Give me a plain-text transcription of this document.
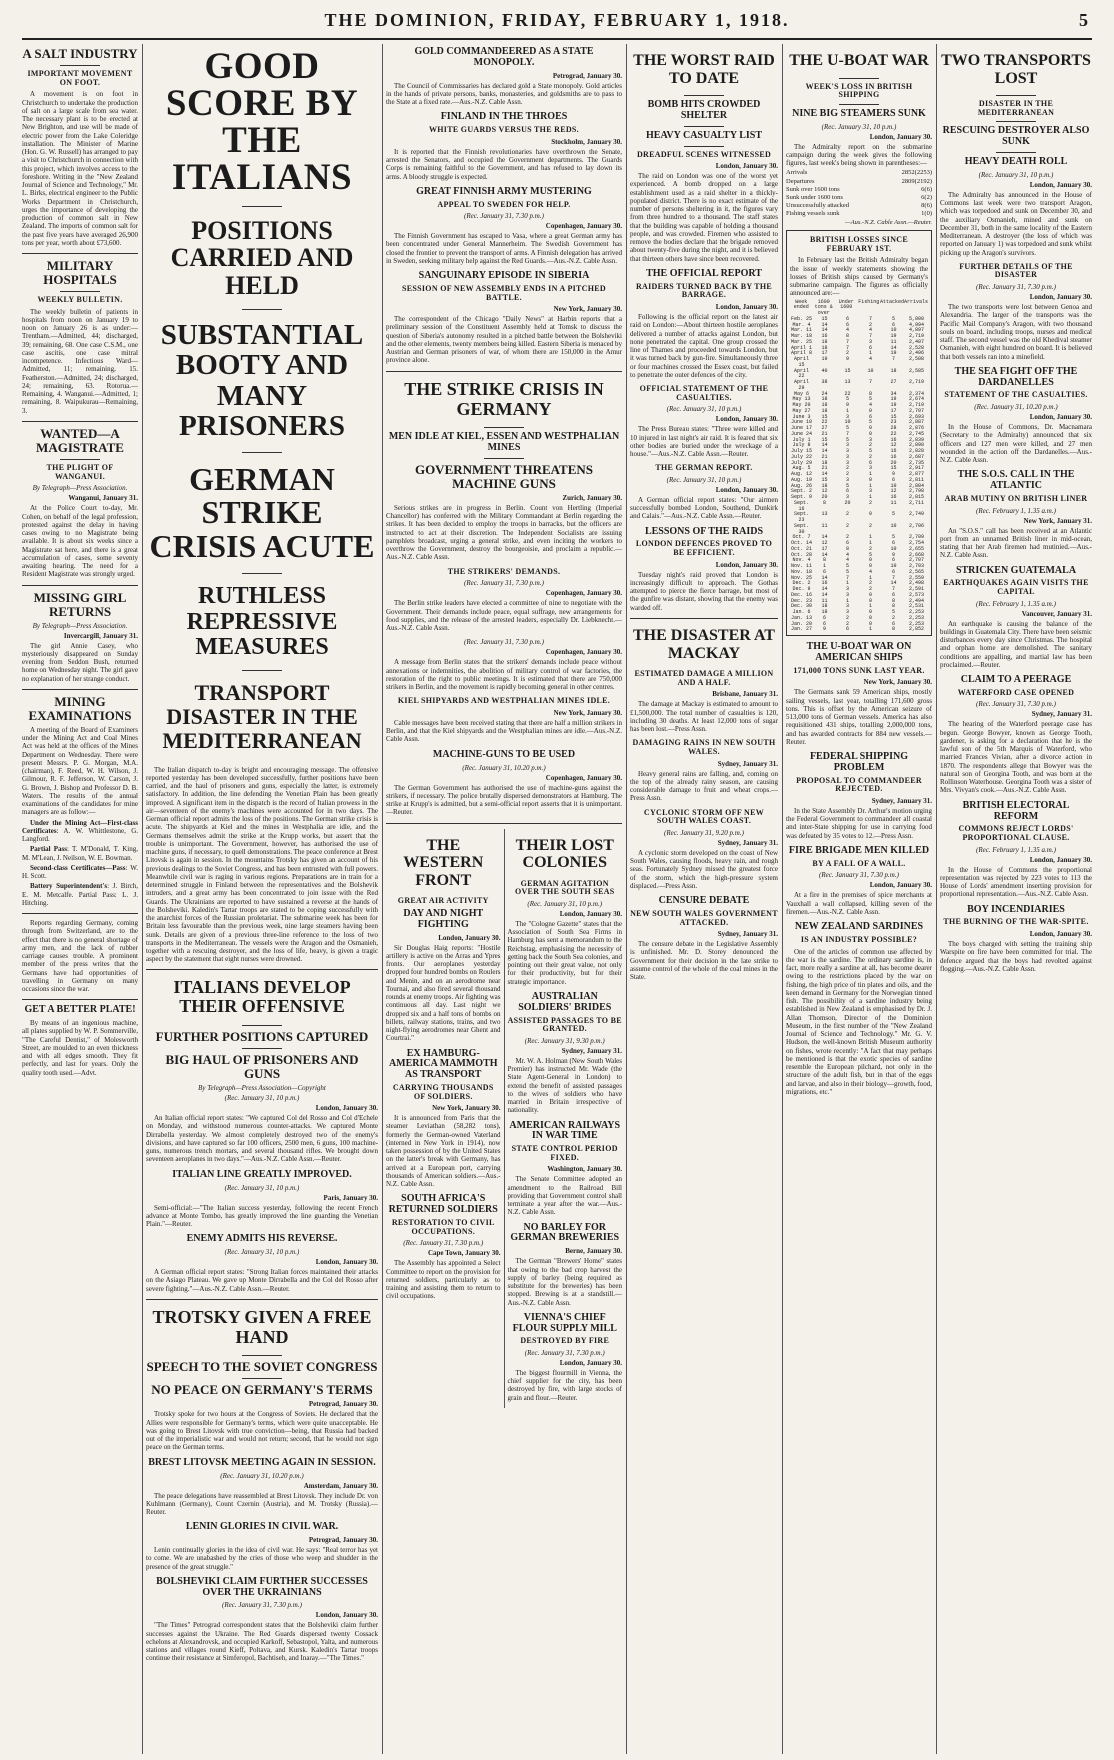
THE DOMINION, FRIDAY, FEBRUARY 1, 1918.	5
A SALT INDUSTRY
IMPORTANT MOVEMENT ON FOOT.

A movement is on foot in Christchurch to undertake the production of salt on a large scale from sea water. The necessary plant is to be erected at New Brighton, and use will be made of electric power from the Lake Coleridge installation. The Minister of Marine (Hon. G. W. Russell) has arranged to pay a visit to Christchurch in connection with this project, which involves access to the foreshore. Writing in the "New Zealand Journal of Science and Technology," Mr. L. Birks, electrical engineer to the Public Works Department in Christchurch, urges the importance of developing the production of common salt in New Zealand. The imports of common salt for the past five years have averaged 26,900 tons per year, worth about £73,600.

MILITARY HOSPITALS
WEEKLY BULLETIN.

The weekly bulletin of patients in hospitals from noon on January 19 to noon on January 26 is as under:— Trentham.—Admitted, 44; discharged, 39; remaining, 68. One case C.S.M., one case ascitis, one case mitral incompetence. Infectious Ward—Admitted, 11; remaining, 15. Featherston.—Admitted, 24; discharged, 24; remaining, 63. Rotorua.—Remaining, 4. Wanganui.—Admitted, 1; remaining, 8. Waipukurau—Remaining, 3.

WANTED—A MAGISTRATE
THE PLIGHT OF WANGANUI.
By Telegraph—Press Association.
Wanganui, January 31.

At the Police Court to-day, Mr. Cohen, on behalf of the legal profession, protested against the delay in having cases owing to no Magistrate being available. It is about six weeks since a Magistrate sat here, and there is a great accumulation of cases, some seventy awaiting hearing. The need for a Resident Magistrate was strongly urged.

MISSING GIRL RETURNS
By Telegraph—Press Association.
Invercargill, January 31.

The girl Annie Casey, who mysteriously disappeared on Sunday evening from Seddon Bush, returned home on Wednesday night. The girl gave no explanation of her strange conduct.

MINING EXAMINATIONS

A meeting of the Board of Examiners under the Mining Act and Coal Mines Act was held at the offices of the Mines Department on Wednesday. There were present Messrs. P. G. Morgan, M.A. (chairman), F. Reed, W. H. Wilson, J. Gilmour, R. F. Jefferson, W. Carson, J. G. Brown, J. Bishop and Professor D. B. Waters. The results of the annual examinations of the candidates for mine managers are as follow:—

Under the Mining Act—First-class Certificates: A. W. Whittlestone, G. Langford.

Partial Pass: T. M'Donald, T. King, M. M'Lean, J. Neilson, W. E. Bowman.

Second-class Certificates—Pass: W. H. Scott.

Battery Superintendent's: J. Birch, E. M. Metcalfe. Partial Pass: L. J. Hitching.

Reports regarding Germany, coming through from Switzerland, are to the effect that there is no general shortage of army men, and the lack of rubber carriage causes trouble. A prominent member of the press writes that the Germans have had opportunities of travelling in Germany on many occasions since the war.

GET A BETTER PLATE!

By means of an ingenious machine, all plates supplied by W. P. Sommerville, "The Careful Dentist," of Molesworth Street, are moulded to an even thickness and with all edges smooth. They fit perfectly, and last for years. Only the quality tooth used.—Advt.

GOOD SCORE BY THE ITALIANS
POSITIONS CARRIED AND HELD
SUBSTANTIAL BOOTY AND MANY PRISONERS
GERMAN STRIKE CRISIS ACUTE
RUTHLESS REPRESSIVE MEASURES
TRANSPORT DISASTER IN THE MEDITERRANEAN

The Italian dispatch to-day is bright and encouraging message. The offensive reported yesterday has been developed successfully, further positions have been carried, and the haul of prisoners and guns, especially the latter, is extremely satisfactory. In addition, the line defending the Venetian Plain has been greatly improved. A significant item in the dispatch is the record of Italian prowess in the air—seventeen of the enemy's machines were accounted for in two days. The German official report admits the loss of the positions. The German strike crisis is acute. The shipyards at Kiel and the mines in Westphalia are idle, and the Germans themselves admit the strike at the Krupp works, but assert that the trouble is unimportant. The Government, however, has authorised the use of machine guns, if necessary, to quell demonstrations. The peace conference at Brest Litovsk is again in session. In the mountains Trotsky has given an account of his previous dealings to the Soviet Congress, and has been entrusted with full powers. Meanwhile civil war is raging in various regions. Preparations are in train for a determined struggle in Finland between the representatives and the Bolshevik intruders, and a great army has been concentrated to join issue with the Red Guards. The Ukrainians are reported to have sustained a reverse at the hands of the Bolsheviki. Kaledin's Tartar troops are stated to be coping successfully with the anarchist forces of the Russian proletariat. The submarine week has been for Britain less favourable than the previous week, nine large steamers having been sunk. Details are given of a previous three-line reference to the loss of two transports in the Mediterranean. The vessels were the Aragon and the Osmanieh, together with a rescuing destroyer, and the loss of life, heavy, is given a tragic aspect by the statement that eight nurses were drowned.

ITALIANS DEVELOP THEIR OFFENSIVE
FURTHER POSITIONS CAPTURED
BIG HAUL OF PRISONERS AND GUNS
By Telegraph—Press Association—Copyright
(Rec. January 31, 10 p.m.)
London, January 30.

An Italian official report states: "We captured Col del Rosso and Col d'Echele on Monday, and withstood numerous counter-attacks. We captured Monte Dirrabella yesterday. We almost completely destroyed two of the enemy's divisions, and have captured so far 100 officers, 2500 men, 6 guns, 100 machine-guns, numerous trench mortars, and several thousand rifles. We brought down seventeen aeroplanes in two days."—Aus.-N.Z. Cable Assn.—Reuter.

ITALIAN LINE GREATLY IMPROVED.
(Rec. January 31, 10 p.m.)
Paris, January 30.

Semi-official:—"The Italian success yesterday, following the recent French advance at Monte Tombo, has greatly improved the line guarding the Venetian Plain."—Reuter.

ENEMY ADMITS HIS REVERSE.
(Rec. January 31, 10 p.m.)
London, January 30.

A German official report states: "Strong Italian forces maintained their attacks on the Asiago Plateau. We gave up Monte Dirrabella and the Col del Rosso after severe fighting."—Aus.-N.Z. Cable Assn.—Reuter.

TROTSKY GIVEN A FREE HAND
SPEECH TO THE SOVIET CONGRESS
NO PEACE ON GERMANY'S TERMS
Petrograd, January 30.

Trotsky spoke for two hours at the Congress of Soviets. He declared that the Allies were responsible for Germany's terms, which were quite unacceptable. He was going to Brest Litovsk with true conviction—being, that Russia had backed out of the imperialistic war and would not return; second, that he would not sign peace on the German terms.

BREST LITOVSK MEETING AGAIN IN SESSION.
(Rec. January 31, 10.20 p.m.)
Amsterdam, January 30.

The peace delegations have reassembled at Brest Litovsk. They include Dr. von Kuhlmann (Germany), Count Czernin (Austria), and M. Trotsky (Russia).—Reuter.

LENIN GLORIES IN CIVIL WAR.
Petrograd, January 30.

Lenin continually glories in the idea of civil war. He says: "Real terror has yet to come. We are unabashed by the cries of those who weep and shudder in the presence of the great struggle."

BOLSHEVIKI CLAIM FURTHER SUCCESSES OVER THE UKRAINIANS
(Rec. January 31, 7.30 p.m.)
London, January 30.

"The Times" Petrograd correspondent states that the Bolsheviki claim further successes against the Ukraine. The Red Guards dispersed twenty Cossack echelons at Alexandrovsk, and occupied Karkoff, Sebastopol, Yalta, and numerous stations and villages round Kieff, Poltava, and Kursk. Kaledin's Tartar troops continue their resistance at Simferopol, Bachtiseh, and Inaray.—"The Times."

GOLD COMMANDEERED AS A STATE MONOPOLY.
Petrograd, January 30.

The Council of Commissaries has declared gold a State monopoly. Gold articles in the hands of private persons, banks, monasteries, and goldsmiths are to pass to the State at a fixed rate.—Aus.-N.Z. Cable Assn.

FINLAND IN THE THROES
WHITE GUARDS VERSUS THE REDS.
Stockholm, January 30.

It is reported that the Finnish revolutionaries have overthrown the Senate, arrested the Senators, and occupied the Government departments. The Guards Corps is remaining faithful to the Government, and has refused to lay down its arms. A bloody struggle is expected.

GREAT FINNISH ARMY MUSTERING
APPEAL TO SWEDEN FOR HELP.
(Rec. January 31, 7.30 p.m.)
Copenhagen, January 30.

The Finnish Government has escaped to Vasa, where a great German army has been concentrated under General Mannerheim. The Swedish Government has closed the frontier to prevent the transport of arms. A Finnish delegation has arrived in Sweden, seeking military help against the Red Guards.—Aus.-N.Z. Cable Assn.

SANGUINARY EPISODE IN SIBERIA
SESSION OF NEW ASSEMBLY ENDS IN A PITCHED BATTLE.
New York, January 30.

The correspondent of the Chicago "Daily News" at Harbin reports that a preliminary session of the Constituent Assembly held at Tomsk to discuss the question of Siberia's autonomy resulted in a pitched battle between the Bolsheviki and the other elements, twenty members being killed. Eastern Siberia is menaced by Austrian and German prisoners of war, of whom there are 150,000 in the Amur province alone.

THE STRIKE CRISIS IN GERMANY
MEN IDLE AT KIEL, ESSEN AND WESTPHALIAN MINES
GOVERNMENT THREATENS MACHINE GUNS
Zurich, January 30.

Serious strikes are in progress in Berlin. Count von Hertling (Imperial Chancellor) has conferred with the Military Commandant at Berlin regarding the strikes. It has been decided to employ the troops in barracks, but the officers are instructed to act at their discretion. The Independent Socialists are issuing pamphlets broadcast, urging a general strike, and even inciting the workers to overthrow the Government, destroy the bourgeoisie, and proclaim a republic.—Aus.-N.Z. Cable Assn.

THE STRIKERS' DEMANDS.
(Rec. January 31, 7.30 p.m.)
Copenhagen, January 30.

The Berlin strike leaders have elected a committee of nine to negotiate with the Government. Their demands include peace, equal suffrage, new arrangements for food supplies, and the release of the arrested leaders, especially Dr. Liebknecht.—Aus.-N.Z. Cable Assn.

(Rec. January 31, 7.30 p.m.)
Copenhagen, January 30.

A message from Berlin states that the strikers' demands include peace without annexations or indemnities, the abolition of military control of war factories, the restoration of the right to public meetings. It is estimated that there are 750,000 strikers in Berlin, and the movement is rapidly becoming general in other centres.

KIEL SHIPYARDS AND WESTPHALIAN MINES IDLE.
New York, January 30.

Cable messages have been received stating that there are half a million strikers in Berlin, and that the Kiel shipyards and the Westphalian mines are idle.—Aus.-N.Z. Cable Assn.

MACHINE-GUNS TO BE USED
(Rec. January 31, 10.20 p.m.)
Copenhagen, January 30.

The German Government has authorised the use of machine-guns against the strikers, if necessary. The police brutally dispersed demonstrators at Hamburg. The strike at Krupp's is admitted, but a semi-official report asserts that it is unimportant.—Reuter.

THE WESTERN FRONT
GREAT AIR ACTIVITY
DAY AND NIGHT FIGHTING
London, January 30.

Sir Douglas Haig reports: "Hostile artillery is active on the Arras and Ypres fronts. Our aeroplanes yesterday dropped four hundred bombs on Roulers and Menin, and on an aerodrome near Tournai, and also fired several thousand rounds at enemy troops. Air fighting was continuous all day. Last night we dropped six and a half tons of bombs on billets, railway stations, trains, and two night-flying aerodromes near Ghent and Courtrai."

EX HAMBURG-AMERICA MAMMOTH AS TRANSPORT
CARRYING THOUSANDS OF SOLDIERS.
New York, January 30.

It is announced from Paris that the steamer Leviathan (58,282 tons), formerly the German-owned Vaterland (interned in New York in 1914), now taken possession of by the United States on the latter's break with Germany, has arrived at a European port, carrying thousands of American soldiers.—Aus.-N.Z. Cable Assn.

SOUTH AFRICA'S RETURNED SOLDIERS
RESTORATION TO CIVIL OCCUPATIONS.
(Rec. January 31, 7.30 p.m.)
Cape Town, January 30.

The Assembly has appointed a Select Committee to report on the provision for returned soldiers, particularly as to training and assisting them to return to civil occupations.

THEIR LOST COLONIES
GERMAN AGITATION OVER THE SOUTH SEAS
(Rec. January 31, 10 p.m.)
London, January 30.

The "Cologne Gazette" states that the Association of South Sea Firms in Hamburg has sent a memorandum to the Reichstag, emphasising the necessity of getting back the South Sea colonies, and pointing out their great value, not only for their productivity, but for their strategic importance.

AUSTRALIAN SOLDIERS' BRIDES
ASSISTED PASSAGES TO BE GRANTED.
(Rec. January 31, 9.30 p.m.)
Sydney, January 31.

Mr. W. A. Holman (New South Wales Premier) has instructed Mr. Wade (the State Agent-General in London) to extend the benefit of assisted passages to the wives of soldiers who have married in Britain irrespective of nationality.

AMERICAN RAILWAYS IN WAR TIME
STATE CONTROL PERIOD FIXED.
Washington, January 30.

The Senate Committee adopted an amendment to the Railroad Bill providing that Government control shall terminate a year after the war.—Aus.-N.Z. Cable Assn.

NO BARLEY FOR GERMAN BREWERIES
Berne, January 30.

The German "Brewers' Home" states that owing to the bad crop harvest the supply of barley (being required as substitute for the breweries) has been stopped. Brewing is at a standstill.—Aus.-N.Z. Cable Assn.

VIENNA'S CHIEF FLOUR SUPPLY MILL
DESTROYED BY FIRE
(Rec. January 31, 7.30 p.m.)
London, January 30.

The biggest flourmill in Vienna, the chief supplier for the city, has been destroyed by fire, with large stocks of grain and flour.—Reuter.

THE WORST RAID TO DATE
BOMB HITS CROWDED SHELTER
HEAVY CASUALTY LIST
DREADFUL SCENES WITNESSED
London, January 30.

The raid on London was one of the worst yet experienced. A bomb dropped on a large establishment used as a raid shelter in a thickly-populated district. There is no exact estimate of the number of persons sheltering in it, the figures vary from three hundred to a thousand. The staff states that the building was capable of holding a thousand people, and was crowded. Firemen who assisted to remove the bodies declare that the brigade removed about twenty-five during the night, and it is believed that thirteen others have since been recovered.

THE OFFICIAL REPORT
RAIDERS TURNED BACK BY THE BARRAGE.
London, January 30.

Following is the official report on the latest air raid on London:—About thirteen hostile aeroplanes delivered a number of attacks against London, but none penetrated the capital. One group crossed the line of Thames and proceeded towards London, but it was turned back by gun-fire. Simultaneously three or four machines crossed the Essex coast, but failed to penetrate the outer defences of the city.

OFFICIAL STATEMENT OF THE CASUALTIES.
(Rec. January 31, 10 p.m.)
London, January 30.

The Press Bureau states: "Three were killed and 10 injured in last night's air raid. It is feared that six other bodies are buried under the wreckage of a house."—Aus.-N.Z. Cable Assn.—Reuter.

THE GERMAN REPORT.
(Rec. January 31, 10 p.m.)
London, January 30.

A German official report states: "Our airmen successfully bombed London, Southend, Dunkirk and Calais."—Aus.-N.Z. Cable Assn.—Reuter.

LESSONS OF THE RAIDS
LONDON DEFENCES PROVED TO BE EFFICIENT.
London, January 30.

Tuesday night's raid proved that London is increasingly difficult to approach. The Gothas attempted to pierce the fierce barrage, but most of the gunfire was distant, showing that the enemy was warded off.

THE DISASTER AT MACKAY
ESTIMATED DAMAGE A MILLION AND A HALF.
Brisbane, January 31.

The damage at Mackay is estimated to amount to £1,500,000. The total number of casualties is 120, including 30 deaths. At least 12,000 tons of sugar has been lost.—Press Assn.

DAMAGING RAINS IN NEW SOUTH WALES.
Sydney, January 31.

Heavy general rains are falling, and, coming on the top of the already rainy season, are causing considerable damage to fruit and wheat crops.—Press Assn.

CYCLONIC STORM OFF NEW SOUTH WALES COAST.
(Rec. January 31, 9.20 p.m.)
Sydney, January 31.

A cyclonic storm developed on the coast of New South Wales, causing floods, heavy rain, and rough seas. Fortunately Sydney missed the greatest force of the storm, which the high-pressure system displaced.—Press Assn.

CENSURE DEBATE
NEW SOUTH WALES GOVERNMENT ATTACKED.
Sydney, January 31.

The censure debate in the Legislative Assembly is unfinished. Mr. D. Storey denounced the Government for their decision in the late strike to assume control of the whole of the coal mines in the State.

THE U-BOAT WAR
WEEK'S LOSS IN BRITISH SHIPPING
NINE BIG STEAMERS SUNK
(Rec. January 31, 10 p.m.)
London, January 30.

The Admiralty report on the submarine campaign during the week gives the following figures, last week's being shown in parentheses:—

Arrivals	2852 (2253)
Departures	2809 (2192)
Sunk over 1600 tons	6 (6)
Sunk under 1600 tons	6 (2)
Unsuccessfully attacked	8 (6)
Fishing vessels sunk	1 (0)
—Aus.-N.Z. Cable Assn.—Reuter.
BRITISH LOSSES SINCE FEBRUARY 1ST.

In February last the British Admiralty began the issue of weekly statements showing the losses of British ships caused by Germany's submarine campaign. The figures as officially announced are:—

Week ended
1600 tons & over
Under 1600
Fishing Attacked Arrivals
Feb. 25	15	6	7	5	5,000
Mar. 4	14	6	2	6	4,994
Mar. 11	14	4	4	10	4,897
Mar. 18	16	8	7	19	2,719
Mar. 25	18	7	3	11	2,407
April 1	18	7	6	14	2,528
April 8	17	2	1	19	2,406
April 15
19	9	4	7	2,508
April 22
40	15	10	18	2,585
April 29
38	13	7	27	2,719
May 6	24	22	8	34	2,374
May 13	18	5	5	19	2,674
May 20	18	9	4	19	2,719
May 27	18	1	0	17	2,707
June 3	15	3	6	15	2,693
June 10	22	10	5	23	2,887
June 17	27	5	0	28	2,876
June 24	21	7	0	22	2,745
July 1	15	5	3	16	2,839
July 8	14	3	2	12	2,898
July 15	14	3	5	16	2,828
July 22	21	3	2	16	2,687
July 29	18	3	6	20	2,735
Aug. 5	21	2	3	15	2,917
Aug. 12	14	2	1	9	2,877
Aug. 19	15	3	0	6	2,811
Aug. 26	18	5	1	10	2,884
Sept. 2	12	6	3	12	2,798
Sept. 9	20	3	1	16	2,815
Sept. 16
8	20	2	11	2,711
Sept. 23
13	2	0	5	2,749
Sept. 30
11	2	2	10	2,706
Oct. 7	14	2	1	5	2,709
Oct. 14	12	6	1	6	2,754
Oct. 21	17	8	2	10	2,655
Oct. 28	14	4	5	9	2,668
Nov. 4	8	4	0	6	2,707
Nov. 11	1	5	0	10	2,703
Nov. 18	6	5	4	6	2,565
Nov. 25	14	7	1	7	2,559
Dec. 2	16	1	2	14	2,498
Dec. 9	14	3	2	7	2,591
Dec. 16	14	3	0	6	2,573
Dec. 23	11	1	0	8	2,494
Dec. 30	18	3	1	8	2,531
Jan. 6	18	3	0	5	2,253
Jan. 13	6	2	0	2	2,253
Jan. 20	6	2	0	6	2,253
Jan. 27	9	6	1	8	2,852
THE U-BOAT WAR ON AMERICAN SHIPS
171,000 TONS SUNK LAST YEAR.
New York, January 30.

The Germans sank 59 American ships, mostly sailing vessels, last year, totalling 171,600 gross tons. This is offset by the American seizure of 513,000 tons of German vessels. America has also requisitioned 431 ships, totalling 2,000,000 tons, and has awarded contracts for 884 new vessels.—Reuter.

FEDERAL SHIPPING PROBLEM
PROPOSAL TO COMMANDEER REJECTED.
Sydney, January 31.

In the State Assembly Dr. Arthur's motion urging the Federal Government to commandeer all coastal and inter-State shipping for use in carrying food was defeated by 35 votes to 12.—Press Assn.

FIRE BRIGADE MEN KILLED
BY A FALL OF A WALL.
(Rec. January 31, 7.30 p.m.)
London, January 30.

At a fire in the premises of spice merchants at Vauxhall a wall collapsed, killing seven of the firemen.—Aus.-N.Z. Cable Assn.

NEW ZEALAND SARDINES
IS AN INDUSTRY POSSIBLE?

One of the articles of common use affected by the war is the sardine. The ordinary sardine is, in fact, more really a sardine at all, has become dearer owing to the restrictions placed by the war on fishing, the high price of tin plates and oils, and the keen demand in Germany for the Norwegian tinned fish. The possibility of a sardine industry being established in New Zealand is emphasised by Dr. J. Allan Thomson, Director of the Dominion Museum, in the first number of the "New Zealand Journal of Science and Technology." Mr. G. V. Hudson, the well-known British Museum authority on fishes, wrote recently: "A fact that may perhaps be mentioned is that the exotic species of sardine resemble the European pilchard, not only in the structure of the adult fish, but in that of the eggs and larvae, and also in their biology—growth, food, migrations, etc."

TWO TRANSPORTS LOST
DISASTER IN THE MEDITERRANEAN
RESCUING DESTROYER ALSO SUNK
HEAVY DEATH ROLL
(Rec. January 31, 10 p.m.)
London, January 30.

The Admiralty has announced in the House of Commons last week were two transport Aragon, which was torpedoed and sunk on December 30, and the auxiliary Osmanieh, mined and sunk on December 31, both in the same locality of the Eastern Mediterranean. A destroyer (the loss of which was reported on January 1) was torpedoed and sunk whilst picking up the Aragon's survivors.

FURTHER DETAILS OF THE DISASTER
(Rec. January 31, 7.30 p.m.)
London, January 30.

The two transports were lost between Genoa and Alexandria. The larger of the transports was the Pacific Mail Company's Aragon, with two thousand souls on board, including troops, nurses and medical staff. The second vessel was the old Khedival steamer Osmanieh, with eight hundred on board. It is believed that both vessels ran into a minefield.

THE SEA FIGHT OFF THE DARDANELLES
STATEMENT OF THE CASUALTIES.
(Rec. January 31, 10.20 p.m.)
London, January 30.

In the House of Commons, Dr. Macnamara (Secretary to the Admiralty) announced that six officers and 127 men were killed, and 27 men wounded in the action off the Dardanelles.—Aus.-N.Z. Cable Assn.

THE S.O.S. CALL IN THE ATLANTIC
ARAB MUTINY ON BRITISH LINER
(Rec. February 1, 1.35 a.m.)
New York, January 31.

An "S.O.S." call has been received at an Atlantic port from an unnamed British liner in mid-ocean, stating that her Arab firemen had mutinied.—Aus.-N.Z. Cable Assn.

STRICKEN GUATEMALA
EARTHQUAKES AGAIN VISITS THE CAPITAL
(Rec. February 1, 1.35 a.m.)
Vancouver, January 31.

An earthquake is causing the balance of the buildings in Guatemala City. There have been seismic disturbances every day since Christmas. The hospital and orphan home are demolished. The sanitary conditions are appalling, and martial law has been proclaimed.—Reuter.

CLAIM TO A PEERAGE
WATERFORD CASE OPENED
(Rec. January 31, 7.30 p.m.)
Sydney, January 31.

The hearing of the Waterford peerage case has begun. George Bowyer, known as George Tooth, gardener, is asking for a declaration that he is the lawful son of the 5th Marquis of Waterford, who married Frances Vivian, after a divorce action in 1870. The respondents allege that Bowyer was the natural son of Georgina Tooth, and was born at the Rollinson Waterhouse. Georgina Tooth was a sister of Mrs. Vivyan's cook.—Aus.-N.Z. Cable Assn.

BRITISH ELECTORAL REFORM
COMMONS REJECT LORDS' PROPORTIONAL CLAUSE.
(Rec. February 1, 1.35 a.m.)
London, January 30.

In the House of Commons the proportional representation was rejected by 223 votes to 113 the House of Lords' amendment inserting provision for proportional representation.—Aus.-N.Z. Cable Assn.

BOY INCENDIARIES
THE BURNING OF THE WAR-SPITE.
London, January 30.

The boys charged with setting the training ship Warspite on fire have been committed for trial. The defence argued that the boys had revolted against flogging.—Aus.-N.Z. Cable Assn.
